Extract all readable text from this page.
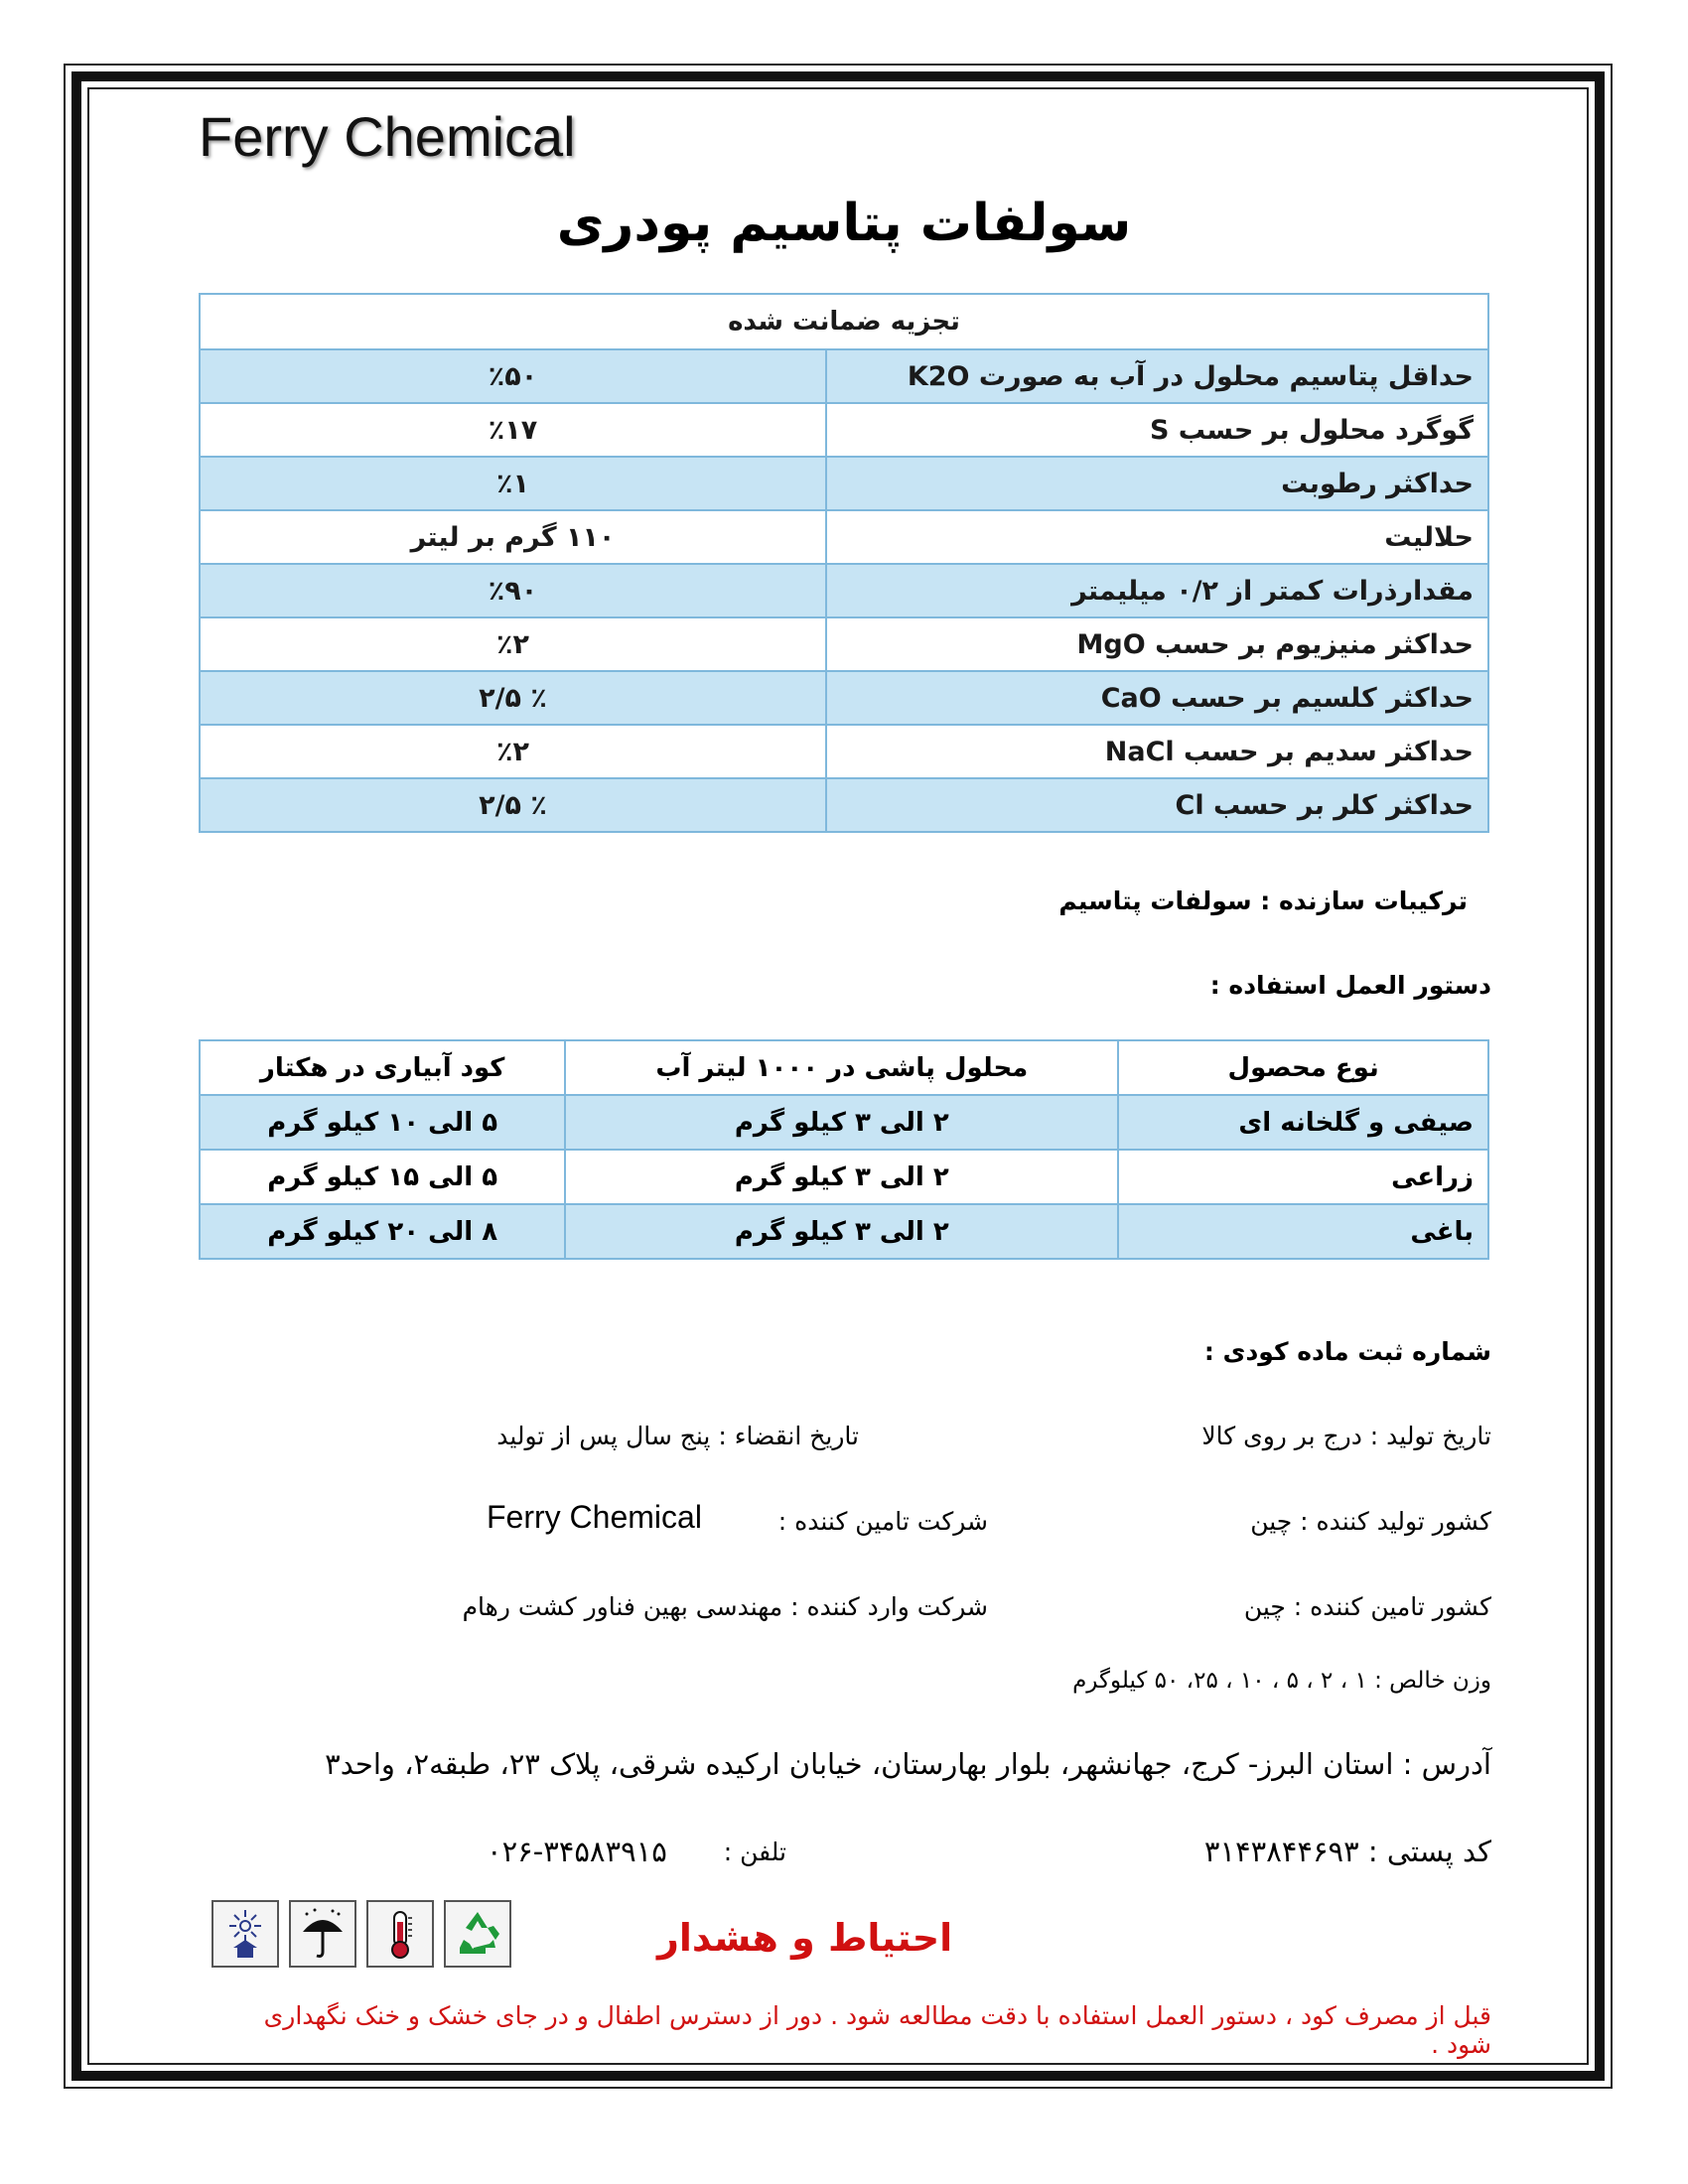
Ferry Chemical
سولفات پتاسیم پودری
تجزیه ضمانت شده	
حداقل پتاسیم محلول در آب به صورت K2O	٪۵۰
گوگرد محلول بر حسب S	٪۱۷
حداکثر رطوبت	٪۱
حلالیت	۱۱۰ گرم بر لیتر
مقدارذرات کمتر از ۰/۲ میلیمتر	٪۹۰
حداکثر منیزیوم بر حسب MgO	٪۲
حداکثر کلسیم بر حسب CaO	٪ ۲/۵
حداکثر سدیم بر حسب NaCl	٪۲
حداکثر کلر بر حسب Cl	٪ ۲/۵
ترکیبات سازنده : سولفات پتاسیم
دستور العمل استفاده :
نوع محصول	محلول پاشی در ۱۰۰۰ لیتر آب	کود آبیاری در هکتار
صیفی و گلخانه ای	۲ الی ۳ کیلو گرم	۵ الی ۱۰ کیلو گرم
زراعی	۲ الی ۳ کیلو گرم	۵ الی ۱۵ کیلو گرم
باغی	۲ الی ۳ کیلو گرم	۸ الی ۲۰ کیلو گرم
شماره ثبت ماده کودی :
تاریخ تولید : درج بر روی کالا
تاریخ انقضاء : پنج سال پس از تولید
کشور تولید کننده : چین
شرکت تامین کننده :
Ferry Chemical
کشور تامین کننده : چین
شرکت وارد کننده : مهندسی بهین فناور کشت رهام
وزن خالص : ۱ ، ۲ ، ۵ ، ۱۰ ، ۲۵، ۵۰ کیلوگرم
آدرس : استان البرز- کرج، جهانشهر، بلوار بهارستان، خیابان ارکیده شرقی، پلاک ۲۳، طبقه۲، واحد۳
کد پستی : ۳۱۴۳۸۴۴۶۹۳
تلفن :
۰۲۶-۳۴۵۸۳۹۱۵
احتیاط و هشدار
قبل از مصرف کود ، دستور العمل استفاده با دقت مطالعه شود . دور از دسترس اطفال و در جای خشک و خنک نگهداری شود .
